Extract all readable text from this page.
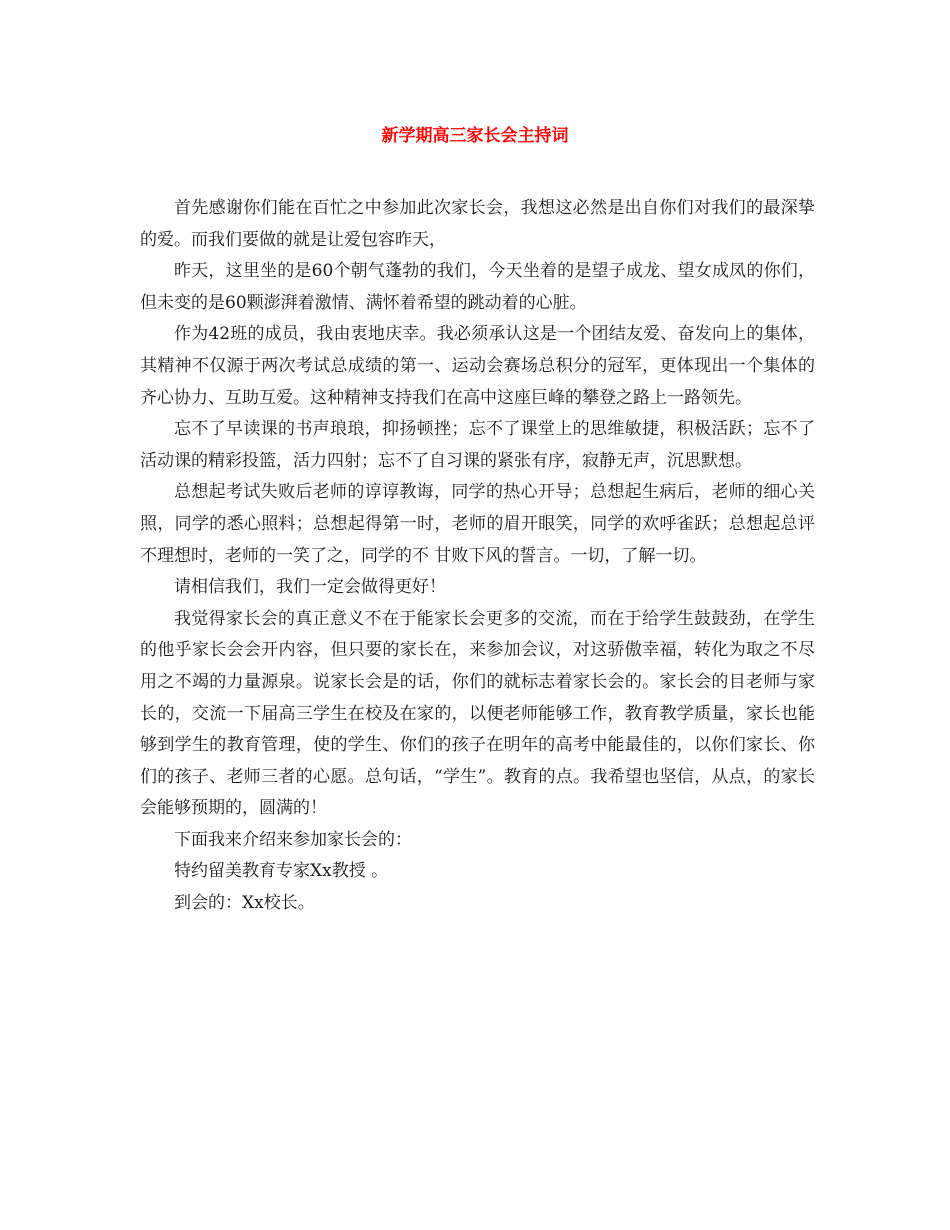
新学期高三家长会主持词

首先感谢你们能在百忙之中参加此次家长会，我想这必然是出自你们对我们的最深挚的爱。而我们要做的就是让爱包容昨天，

昨天，这里坐的是60个朝气蓬勃的我们，今天坐着的是望子成龙、望女成凤的你们，但未变的是60颗澎湃着激情、满怀着希望的跳动着的心脏。

作为42班的成员，我由衷地庆幸。我必须承认这是一个团结友爱、奋发向上的集体，其精神不仅源于两次考试总成绩的第一、运动会赛场总积分的冠军，更体现出一个集体的齐心协力、互助互爱。这种精神支持我们在高中这座巨峰的攀登之路上一路领先。

忘不了早读课的书声琅琅，抑扬顿挫；忘不了课堂上的思维敏捷，积极活跃；忘不了活动课的精彩投篮，活力四射；忘不了自习课的紧张有序，寂静无声，沉思默想。

总想起考试失败后老师的谆谆教诲，同学的热心开导；总想起生病后，老师的细心关照，同学的悉心照料；总想起得第一时，老师的眉开眼笑，同学的欢呼雀跃；总想起总评不理想时，老师的一笑了之，同学的不 甘败下风的誓言。一切，了解一切。

请相信我们，我们一定会做得更好！

我觉得家长会的真正意义不在于能家长会更多的交流，而在于给学生鼓鼓劲，在学生的他乎家长会会开内容，但只要的家长在，来参加会议，对这骄傲幸福，转化为取之不尽用之不竭的力量源泉。说家长会是的话，你们的就标志着家长会的。家长会的目老师与家长的，交流一下届高三学生在校及在家的，以便老师能够工作，教育教学质量，家长也能够到学生的教育管理，使的学生、你们的孩子在明年的高考中能最佳的，以你们家长、你们的孩子、老师三者的心愿。总句话，“学生”。教育的点。我希望也坚信，从点，的家长会能够预期的，圆满的！

下面我来介绍来参加家长会的：

特约留美教育专家Xx教授 。

到会的：Xx校长。
